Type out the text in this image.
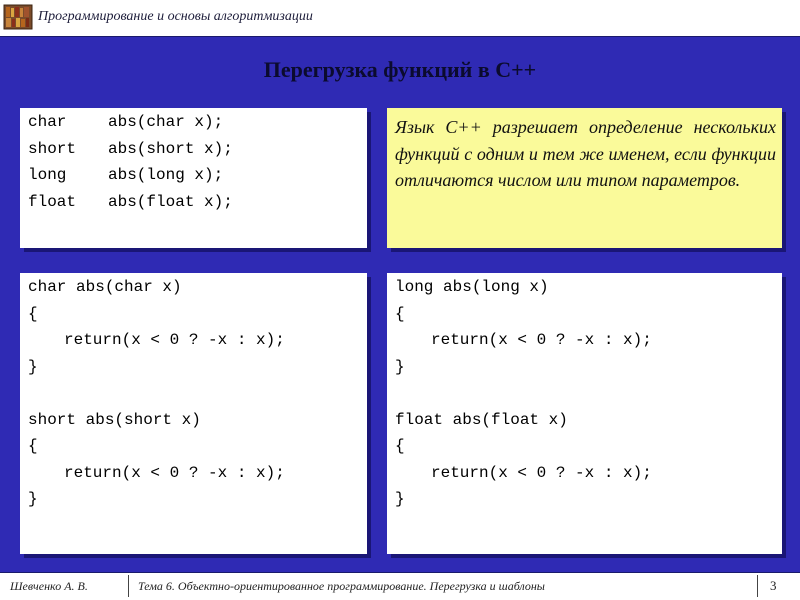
Программирование и основы алгоритмизации
Перегрузка функций в С++
char	abs(char x);
short	abs(short x);
long	abs(long x);
float	abs(float x);
Язык С++ разрешает определение нескольких функций с одним и тем же именем, если функции отличаются числом или типом параметров.
char abs(char x)
{
return(x < 0 ? -x : x);
}
short abs(short x)
{
return(x < 0 ? -x : x);
}
long abs(long x)
{
return(x < 0 ? -x : x);
}
float abs(float x)
{
return(x < 0 ? -x : x);
}
Шевченко А. В.	Тема 6. Объектно-ориентированное программирование. Перегрузка и шаблоны	3
